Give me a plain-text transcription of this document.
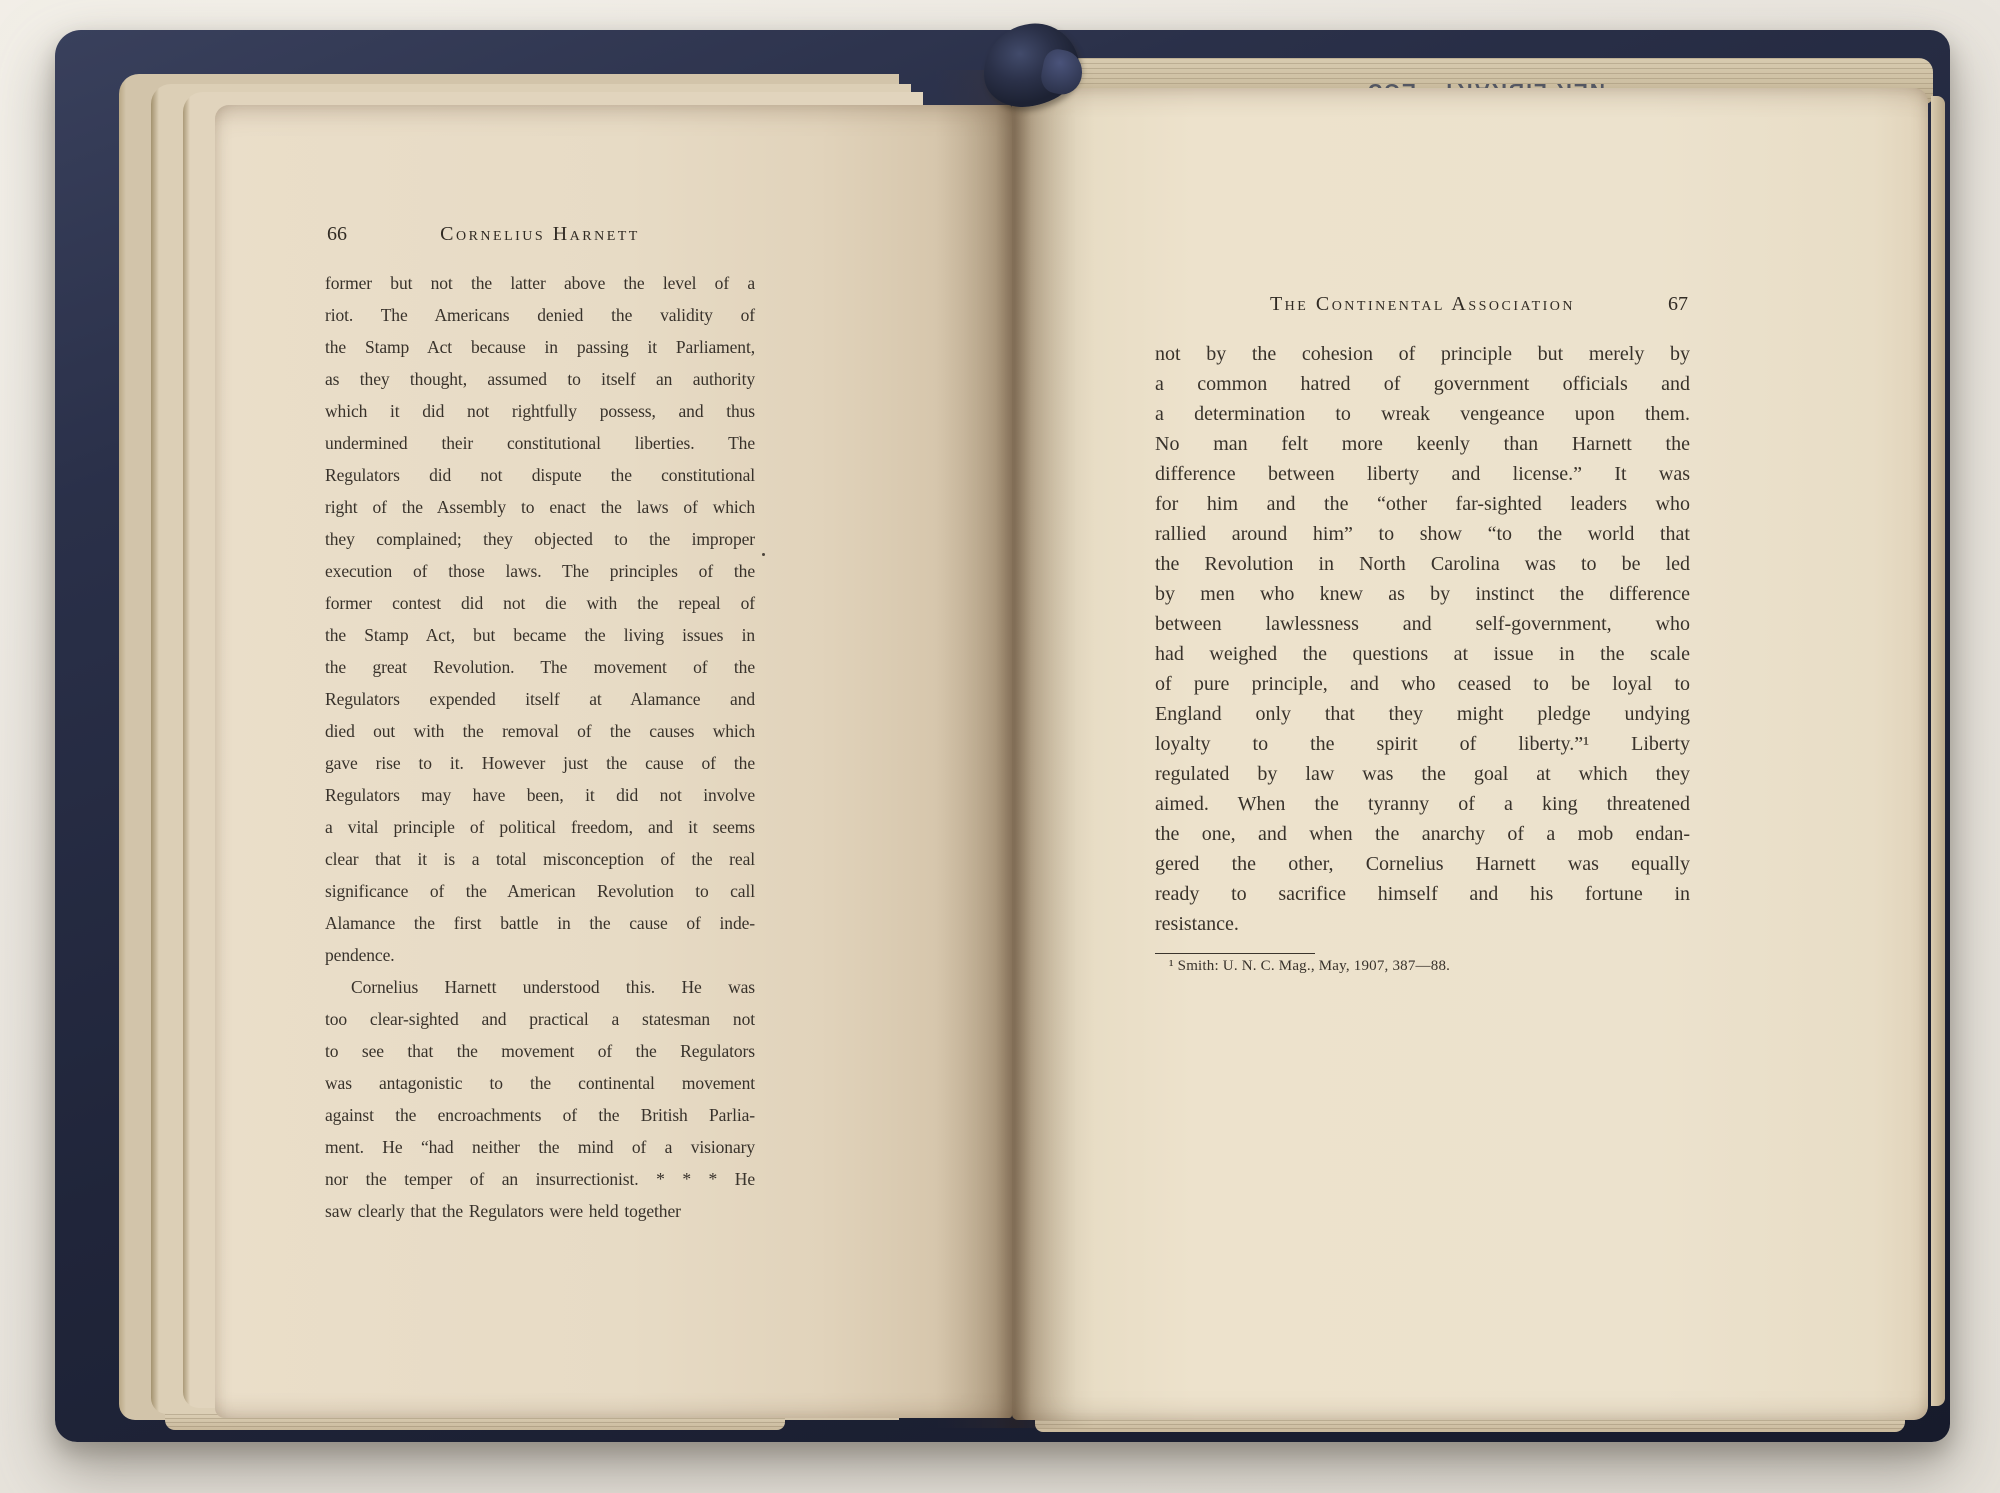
66	Cornelius Harnett
former but not the latter above the level of a
riot. The Americans denied the validity of
the Stamp Act because in passing it Parliament,
as they thought, assumed to itself an authority
which it did not rightfully possess, and thus
undermined their constitutional liberties. The
Regulators did not dispute the constitutional
right of the Assembly to enact the laws of which
they complained; they objected to the improper
execution of those laws. The principles of the
former contest did not die with the repeal of
the Stamp Act, but became the living issues in
the great Revolution. The movement of the
Regulators expended itself at Alamance and
died out with the removal of the causes which
gave rise to it. However just the cause of the
Regulators may have been, it did not involve
a vital principle of political freedom, and it seems
clear that it is a total misconception of the real
significance of the American Revolution to call
Alamance the first battle in the cause of inde-
pendence.
Cornelius Harnett understood this. He was
too clear-sighted and practical a statesman not
to see that the movement of the Regulators
was antagonistic to the continental movement
against the encroachments of the British Parlia-
ment. He “had neither the mind of a visionary
nor the temper of an insurrectionist. * * * He
saw clearly that the Regulators were held together
The Continental Association	67
not by the cohesion of principle but merely by
a common hatred of government officials and
a determination to wreak vengeance upon them.
No man felt more keenly than Harnett the
difference between liberty and license.” It was
for him and the “other far-sighted leaders who
rallied around him” to show “to the world that
the Revolution in North Carolina was to be led
by men who knew as by instinct the difference
between lawlessness and self-government, who
had weighed the questions at issue in the scale
of pure principle, and who ceased to be loyal to
England only that they might pledge undying
loyalty to the spirit of liberty.”¹ Liberty
regulated by law was the goal at which they
aimed. When the tyranny of a king threatened
the one, and when the anarchy of a mob endan-
gered the other, Cornelius Harnett was equally
ready to sacrifice himself and his fortune in
resistance.
¹ Smith: U. N. C. Mag., May, 1907, 387—88.
